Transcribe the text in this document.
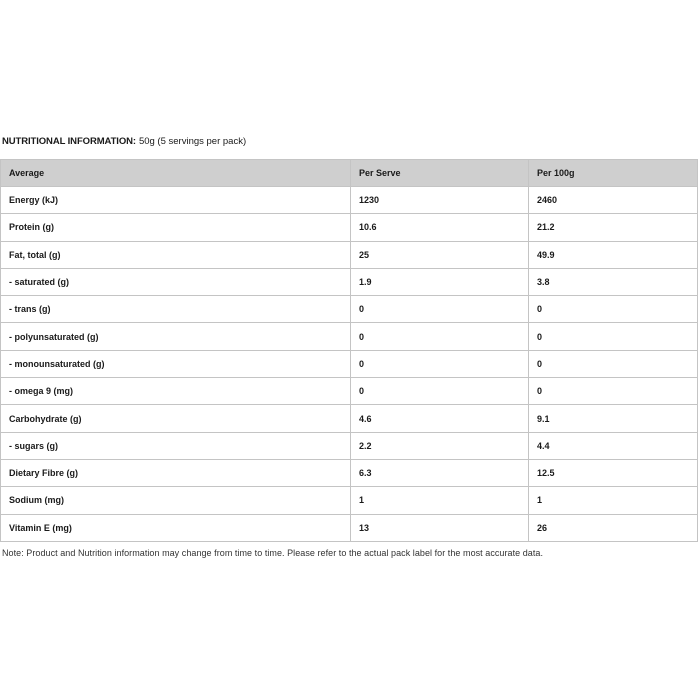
NUTRITIONAL INFORMATION: 50g (5 servings per pack)
Average	Per Serve	Per 100g
Energy (kJ)	1230	2460
Protein (g)	10.6	21.2
Fat, total (g)	25	49.9
- saturated (g)	1.9	3.8
- trans (g)	0	0
- polyunsaturated (g)	0	0
- monounsaturated (g)	0	0
- omega 9 (mg)	0	0
Carbohydrate (g)	4.6	9.1
- sugars (g)	2.2	4.4
Dietary Fibre (g)	6.3	12.5
Sodium (mg)	1	1
Vitamin E (mg)	13	26
Note: Product and Nutrition information may change from time to time. Please refer to the actual pack label for the most accurate data.
